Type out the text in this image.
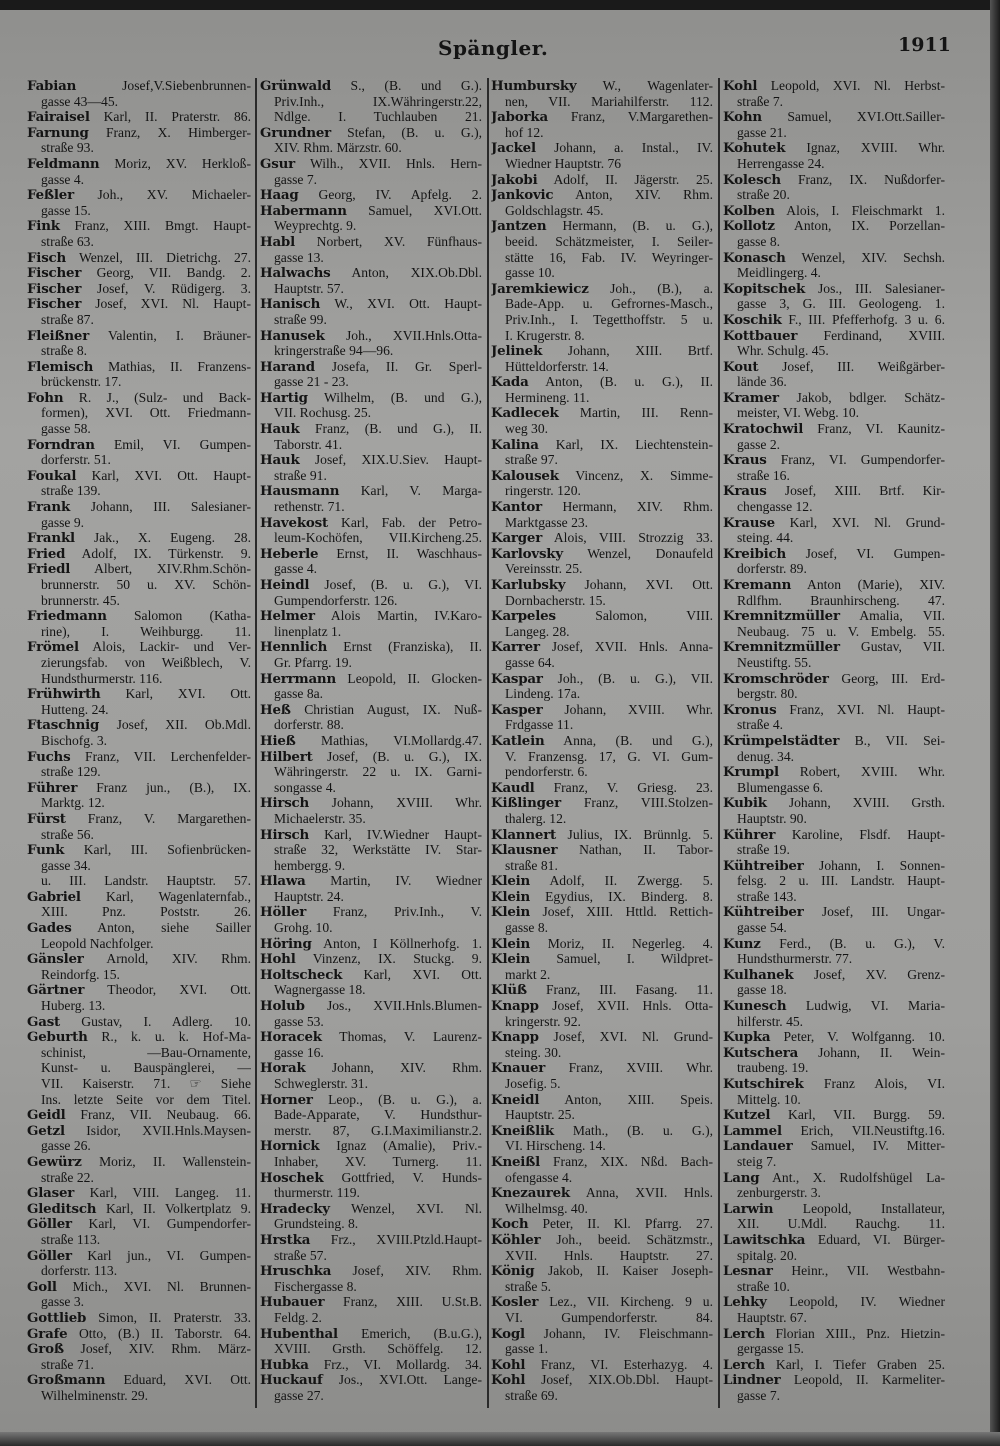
Spängler.	1911
Fabian	Josef,V.Siebenbrunnen-
gasse 43—45.
Fairaisel Karl, II. Praterstr. 86.
Farnung Franz, X. Himberger-
straße 93.
Feldmann Moriz, XV. Herkloß-
gasse 4.
Feßler Joh., XV. Michaeler-
gasse 15.
Fink Franz, XIII. Bmgt. Haupt-
straße 63.
Fisch Wenzel, III. Dietrichg. 27.
Fischer Georg, VII. Bandg. 2.
Fischer Josef, V. Rüdigerg. 3.
Fischer Josef, XVI. Nl. Haupt-
straße 87.
Fleißner Valentin, I. Bräuner-
straße 8.
Flemisch Mathias, II. Franzens-
brückenstr. 17.
Fohn R. J., (Sulz- und Back-
formen), XVI. Ott. Friedmann-
gasse 58.
Forndran Emil, VI. Gumpen-
dorferstr. 51.
Foukal Karl, XVI. Ott. Haupt-
straße 139.
Frank Johann, III. Salesianer-
gasse 9.
Frankl Jak., X. Eugeng. 28.
Fried Adolf, IX. Türkenstr. 9.
Friedl Albert, XIV.Rhm.Schön-
brunnerstr. 50 u. XV. Schön-
brunnerstr. 45.
Friedmann Salomon (Katha-
rine), I. Weihburgg. 11.
Frömel Alois, Lackir- und Ver-
zierungsfab. von Weißblech, V.
Hundsthurmerstr. 116.
Frühwirth Karl, XVI. Ott.
Hutteng. 24.
Ftaschnig Josef, XII. Ob.Mdl.
Bischofg. 3.
Fuchs Franz, VII. Lerchenfelder-
straße 129.
Führer Franz jun., (B.), IX.
Marktg. 12.
Fürst Franz, V. Margarethen-
straße 56.
Funk Karl, III. Sofienbrücken-
gasse 34.
u. III. Landstr. Hauptstr. 57.
Gabriel Karl, Wagenlaternfab.,
XIII. Pnz. Poststr. 26.
Gades Anton, siehe Sailler
Leopold Nachfolger.
Gänsler Arnold, XIV. Rhm.
Reindorfg. 15.
Gärtner Theodor, XVI. Ott.
Huberg. 13.
Gast Gustav, I. Adlerg. 10.
Geburth R., k. u. k. Hof-Ma-
schinist, —Bau-Ornamente,
Kunst- u. Bauspänglerei, —
VII. Kaiserstr. 71. ☞ Siehe
Ins. letzte Seite vor dem Titel.
Geidl Franz, VII. Neubaug. 66.
Getzl Isidor, XVII.Hnls.Maysen-
gasse 26.
Gewürz Moriz, II. Wallenstein-
straße 22.
Glaser Karl, VIII. Langeg. 11.
Gleditsch Karl, II. Volkertplatz 9.
Göller Karl, VI. Gumpendorfer-
straße 113.
Göller Karl jun., VI. Gumpen-
dorferstr. 113.
Goll Mich., XVI. Nl. Brunnen-
gasse 3.
Gottlieb Simon, II. Praterstr. 33.
Grafe Otto, (B.) II. Taborstr. 64.
Groß Josef, XIV. Rhm. März-
straße 71.
Großmann Eduard, XVI. Ott.
Wilhelminenstr. 29.
Grünwald S., (B. und G.).
Priv.Inh., IX.Währingerstr.22,
Ndlge. I. Tuchlauben 21.
Grundner Stefan, (B. u. G.),
XIV. Rhm. Märzstr. 60.
Gsur Wilh., XVII. Hnls. Hern-
gasse 7.
Haag Georg, IV. Apfelg. 2.
Habermann Samuel, XVI.Ott.
Weyprechtg. 9.
Habl Norbert, XV. Fünfhaus-
gasse 13.
Halwachs Anton, XIX.Ob.Dbl.
Hauptstr. 57.
Hanisch W., XVI. Ott. Haupt-
straße 99.
Hanusek Joh., XVII.Hnls.Otta-
kringerstraße 94—96.
Harand Josefa, II. Gr. Sperl-
gasse 21 - 23.
Hartig Wilhelm, (B. und G.),
VII. Rochusg. 25.
Hauk Franz, (B. und G.), II.
Taborstr. 41.
Hauk Josef, XIX.U.Siev. Haupt-
straße 91.
Hausmann Karl, V. Marga-
rethenstr. 71.
Havekost Karl, Fab. der Petro-
leum-Kochöfen, VII.Kircheng.25.
Heberle Ernst, II. Waschhaus-
gasse 4.
Heindl Josef, (B. u. G.), VI.
Gumpendorferstr. 126.
Helmer Alois Martin, IV.Karo-
linenplatz 1.
Hennlich Ernst (Franziska), II.
Gr. Pfarrg. 19.
Herrmann Leopold, II. Glocken-
gasse 8a.
Heß Christian August, IX. Nuß-
dorferstr. 88.
Hieß Mathias, VI.Mollardg.47.
Hilbert Josef, (B. u. G.), IX.
Währingerstr. 22 u. IX. Garni-
songasse 4.
Hirsch Johann, XVIII. Whr.
Michaelerstr. 35.
Hirsch Karl, IV.Wiedner Haupt-
straße 32, Werkstätte IV. Star-
hembergg. 9.
Hlawa Martin, IV. Wiedner
Hauptstr. 24.
Höller Franz, Priv.Inh., V.
Grohg. 10.
Höring Anton, I Köllnerhofg. 1.
Hohl Vinzenz, IX. Stuckg. 9.
Holtscheck Karl, XVI. Ott.
Wagnergasse 18.
Holub Jos., XVII.Hnls.Blumen-
gasse 53.
Horacek Thomas, V. Laurenz-
gasse 16.
Horak Johann, XIV. Rhm.
Schweglerstr. 31.
Horner Leop., (B. u. G.), a.
Bade-Apparate, V. Hundsthur-
merstr. 87, G.I.Maximilianstr.2.
Hornick Ignaz (Amalie), Priv.-
Inhaber, XV. Turnerg. 11.
Hoschek Gottfried, V. Hunds-
thurmerstr. 119.
Hradecky Wenzel, XVI. Nl.
Grundsteing. 8.
Hrstka Frz., XVIII.Ptzld.Haupt-
straße 57.
Hruschka Josef, XIV. Rhm.
Fischergasse 8.
Hubauer Franz, XIII. U.St.B.
Feldg. 2.
Hubenthal Emerich, (B.u.G.),
XVIII. Grsth. Schöffelg. 12.
Hubka Frz., VI. Mollardg. 34.
Huckauf Jos., XVI.Ott. Lange-
gasse 27.
Humbursky W., Wagenlater-
nen, VII. Mariahilferstr. 112.
Jaborka Franz, V.Margarethen-
hof 12.
Jackel Johann, a. Instal., IV.
Wiedner Hauptstr. 76
Jakobi Adolf, II. Jägerstr. 25.
Jankovic Anton, XIV. Rhm.
Goldschlagstr. 45.
Jantzen Hermann, (B. u. G.),
beeid. Schätzmeister, I. Seiler-
stätte 16, Fab. IV. Weyringer-
gasse 10.
Jaremkiewicz Joh., (B.), a.
Bade-App. u. Gefrornes-Masch.,
Priv.Inh., I. Tegetthoffstr. 5 u.
I. Krugerstr. 8.
Jelinek Johann, XIII. Brtf.
Hütteldorferstr. 14.
Kada Anton, (B. u. G.), II.
Hermineng. 11.
Kadlecek Martin, III. Renn-
weg 30.
Kalina Karl, IX. Liechtenstein-
straße 97.
Kalousek Vincenz, X. Simme-
ringerstr. 120.
Kantor Hermann, XIV. Rhm.
Marktgasse 23.
Karger Alois, VIII. Strozzig 33.
Karlovsky Wenzel, Donaufeld
Vereinsstr. 25.
Karlubsky Johann, XVI. Ott.
Dornbacherstr. 15.
Karpeles	Salomon, VIII.
Langeg. 28.
Karrer Josef, XVII. Hnls. Anna-
gasse 64.
Kaspar Joh., (B. u. G.), VII.
Lindeng. 17a.
Kasper Johann, XVIII. Whr.
Frdgasse 11.
Katlein Anna, (B. und G.),
V. Franzensg. 17, G. VI. Gum-
pendorferstr. 6.
Kaudl Franz, V. Griesg. 23.
Kißlinger Franz, VIII.Stolzen-
thalerg. 12.
Klannert Julius, IX. Brünnlg. 5.
Klausner Nathan, II. Tabor-
straße 81.
Klein Adolf, II. Zwergg. 5.
Klein Egydius, IX. Binderg. 8.
Klein Josef, XIII. Httld. Rettich-
gasse 8.
Klein Moriz, II. Negerleg. 4.
Klein Samuel, I. Wildpret-
markt 2.
Klüß Franz, III. Fasang. 11.
Knapp Josef, XVII. Hnls. Otta-
kringerstr. 92.
Knapp Josef, XVI. Nl. Grund-
steing. 30.
Knauer Franz, XVIII. Whr.
Josefig. 5.
Kneidl Anton, XIII. Speis.
Hauptstr. 25.
Kneißlik Math., (B. u. G.),
VI. Hirscheng. 14.
Kneißl Franz, XIX. Nßd. Bach-
ofengasse 4.
Knezaurek Anna, XVII. Hnls.
Wilhelmsg. 40.
Koch Peter, II. Kl. Pfarrg. 27.
Köhler Joh., beeid. Schätzmstr.,
XVII. Hnls. Hauptstr. 27.
König Jakob, II. Kaiser Joseph-
straße 5.
Kosler Lez., VII. Kircheng. 9 u.
VI. Gumpendorferstr. 84.
Kogl Johann, IV. Fleischmann-
gasse 1.
Kohl Franz, VI. Esterhazyg. 4.
Kohl Josef, XIX.Ob.Dbl. Haupt-
straße 69.
Kohl Leopold, XVI. Nl. Herbst-
straße 7.
Kohn Samuel, XVI.Ott.Sailler-
gasse 21.
Kohutek Ignaz, XVIII. Whr.
Herrengasse 24.
Kolesch Franz, IX. Nußdorfer-
straße 20.
Kolben Alois, I. Fleischmarkt 1.
Kollotz Anton, IX. Porzellan-
gasse 8.
Konasch Wenzel, XIV. Sechsh.
Meidlingerg. 4.
Kopitschek Jos., III. Salesianer-
gasse 3, G. III. Geologeng. 1.
Koschik F., III. Pfefferhofg. 3 u. 6.
Kottbauer Ferdinand, XVIII.
Whr. Schulg. 45.
Kout Josef, III. Weißgärber-
lände 36.
Kramer Jakob, bdlger. Schätz-
meister, VI. Webg. 10.
Kratochwil Franz, VI. Kaunitz-
gasse 2.
Kraus Franz, VI. Gumpendorfer-
straße 16.
Kraus Josef, XIII. Brtf. Kir-
chengasse 12.
Krause Karl, XVI. Nl. Grund-
steing. 44.
Kreibich Josef, VI. Gumpen-
dorferstr. 89.
Kremann Anton (Marie), XIV.
Rdlfhm. Braunhirscheng. 47.
Kremnitzmüller Amalia, VII.
Neubaug. 75 u. V. Embelg. 55.
Kremnitzmüller Gustav, VII.
Neustiftg. 55.
Kromschröder Georg, III. Erd-
bergstr. 80.
Kronus Franz, XVI. Nl. Haupt-
straße 4.
Krümpelstädter B., VII. Sei-
denug. 34.
Krumpl Robert, XVIII. Whr.
Blumengasse 6.
Kubik Johann, XVIII. Grsth.
Hauptstr. 90.
Kührer Karoline, Flsdf. Haupt-
straße 19.
Kühtreiber Johann, I. Sonnen-
felsg. 2 u. III. Landstr. Haupt-
straße 143.
Kühtreiber Josef, III. Ungar-
gasse 54.
Kunz Ferd., (B. u. G.), V.
Hundsthurmerstr. 77.
Kulhanek Josef, XV. Grenz-
gasse 18.
Kunesch Ludwig, VI. Maria-
hilferstr. 45.
Kupka Peter, V. Wolfganng. 10.
Kutschera Johann, II. Wein-
traubeng. 19.
Kutschirek Franz Alois, VI.
Mittelg. 10.
Kutzel Karl, VII. Burgg. 59.
Lammel Erich, VII.Neustiftg.16.
Landauer Samuel, IV. Mitter-
steig 7.
Lang Ant., X. Rudolfshügel La-
zenburgerstr. 3.
Larwin Leopold, Installateur,
XII. U.Mdl. Rauchg. 11.
Lawitschka Eduard, VI. Bürger-
spitalg. 20.
Lesnar Heinr., VII. Westbahn-
straße 10.
Lehky Leopold, IV. Wiedner
Hauptstr. 67.
Lerch Florian XIII., Pnz. Hietzin-
gergasse 15.
Lerch Karl, I. Tiefer Graben 25.
Lindner Leopold, II. Karmeliter-
gasse 7.
